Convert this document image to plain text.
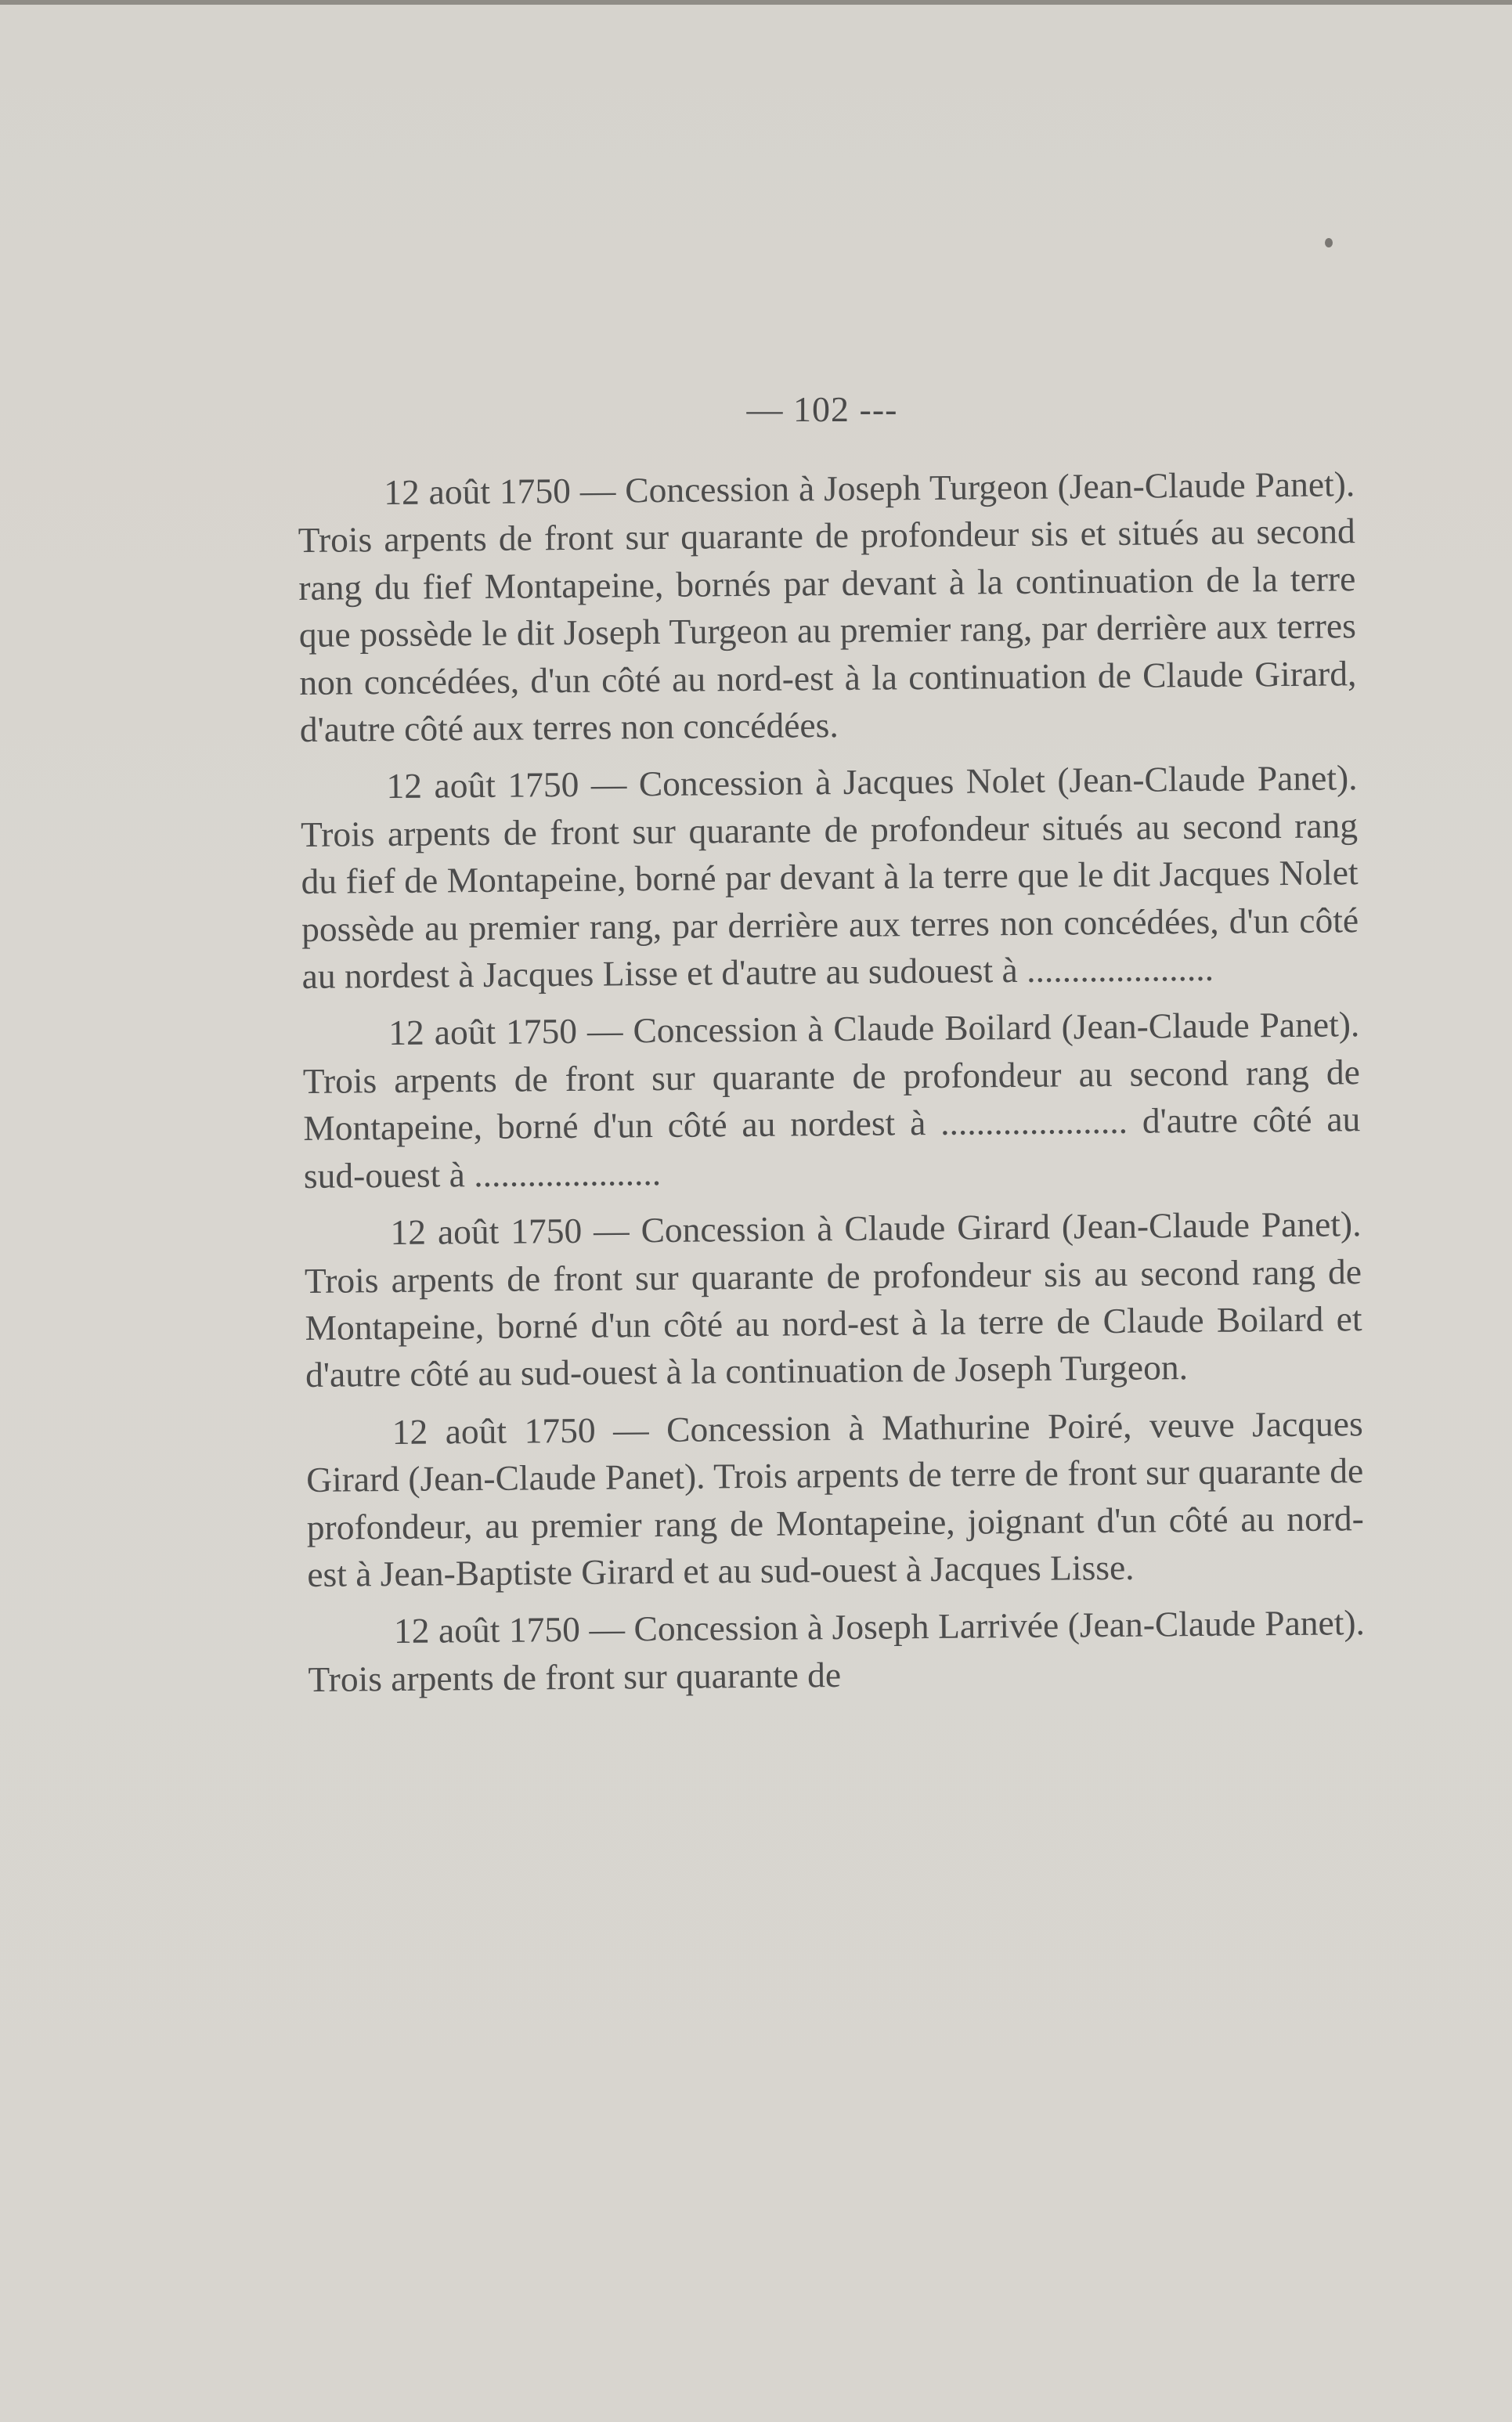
— 102 ---

12 août 1750 — Concession à Joseph Turgeon (Jean-Claude Panet). Trois arpents de front sur quarante de profondeur sis et situés au second rang du fief Montapeine, bornés par devant à la continuation de la terre que possède le dit Joseph Turgeon au premier rang, par derrière aux terres non concédées, d'un côté au nord-est à la continuation de Claude Girard, d'autre côté aux terres non concédées.

12 août 1750 — Concession à Jacques Nolet (Jean-Claude Panet). Trois arpents de front sur quarante de profondeur situés au second rang du fief de Montapeine, borné par devant à la terre que le dit Jacques Nolet possède au premier rang, par derrière aux terres non concédées, d'un côté au nordest à Jacques Lisse et d'autre au sudouest à .....................

12 août 1750 — Concession à Claude Boilard (Jean-Claude Panet). Trois arpents de front sur quarante de profondeur au second rang de Montapeine, borné d'un côté au nordest à ..................... d'autre côté au sud-ouest à .....................

12 août 1750 — Concession à Claude Girard (Jean-Claude Panet). Trois arpents de front sur quarante de profondeur sis au second rang de Montapeine, borné d'un côté au nord-est à la terre de Claude Boilard et d'autre côté au sud-ouest à la continuation de Joseph Turgeon.

12 août 1750 — Concession à Mathurine Poiré, veuve Jacques Girard (Jean-Claude Panet). Trois arpents de terre de front sur quarante de profondeur, au premier rang de Montapeine, joignant d'un côté au nord-est à Jean-Baptiste Girard et au sud-ouest à Jacques Lisse.

12 août 1750 — Concession à Joseph Larrivée (Jean-Claude Panet). Trois arpents de front sur quarante de
